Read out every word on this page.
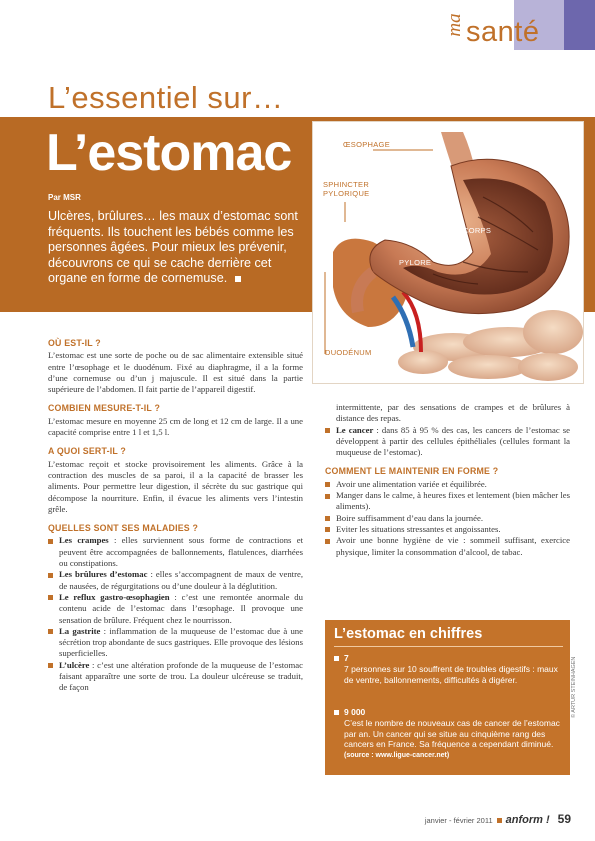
ma santé
L’essentiel sur…
L’estomac
Par MSR
Ulcères, brûlures… les maux d’estomac sont fréquents. Ils touchent les bébés comme les personnes âgées. Pour mieux les prévenir, découvrons ce qui se cache derrière cet organe en forme de cornemuse.
ŒSOPHAGE
SPHINCTER
PYLORIQUE
CORPS
PYLORE
DUODÉNUM
OÙ EST-IL ?

L’estomac est une sorte de poche ou de sac alimentaire extensible situé entre l’œsophage et le duodénum. Fixé au diaphragme, il a la forme d’une cornemuse ou d’un j majuscule. Il est situé dans la partie supérieure de l’abdomen. Il fait partie de l’appareil digestif.

COMBIEN MESURE-T-IL ?

L’estomac mesure en moyenne 25 cm de long et 12 cm de large. Il a une capacité comprise entre 1 l et 1,5 l.

A QUOI SERT-IL ?

L’estomac reçoit et stocke provisoirement les aliments. Grâce à la contraction des muscles de sa paroi, il a la capacité de brasser les aliments. Pour permettre leur digestion, il sécrète du suc gastrique qui décompose la nourriture. Enfin, il évacue les aliments vers l’intestin grêle.

QUELLES SONT SES MALADIES ?
Les crampes : elles surviennent sous forme de contractions et peuvent être accompagnées de ballonnements, flatulences, diarrhées ou constipations.
Les brûlures d’estomac : elles s’accompagnent de maux de ventre, de nausées, de régurgitations ou d’une douleur à la déglutition.
Le reflux gastro-œsophagien : c’est une remontée anormale du contenu acide de l’estomac dans l’œsophage. Il provoque une sensation de brûlure. Fréquent chez le nourrisson.
La gastrite : inflammation de la muqueuse de l’estomac due à une sécrétion trop abondante de sucs gastriques. Elle provoque des lésions superficielles.
L’ulcère : c’est une altération profonde de la muqueuse de l’estomac faisant apparaître une sorte de trou. La douleur ulcéreuse se traduit, de façon

intermittente, par des sensations de crampes et de brûlures à distance des repas.

Le cancer : dans 85 à 95 % des cas, les cancers de l’estomac se développent à partir des cellules épithéliales (cellules formant la muqueuse de l’estomac).
COMMENT LE MAINTENIR EN FORME ?
Avoir une alimentation variée et équilibrée.
Manger dans le calme, à heures fixes et lentement (bien mâcher les aliments).
Boire suffisamment d’eau dans la journée.
Eviter les situations stressantes et angoissantes.
Avoir une bonne hygiène de vie : sommeil suffisant, exercice physique, limiter la consommation d’alcool, de tabac.
L’estomac en chiffres
7
7 personnes sur 10 souffrent de troubles digestifs : maux de ventre, ballonnements, difficultés à digérer.
9 000
C’est le nombre de nouveaux cas de cancer de l’estomac par an. Un cancer qui se situe au cinquième rang des cancers en France. Sa fréquence a cependant diminué.
(source : www.ligue-cancer.net)
© ARTUR STEINHAGEN
janvier - février 2011 anform ! 59
